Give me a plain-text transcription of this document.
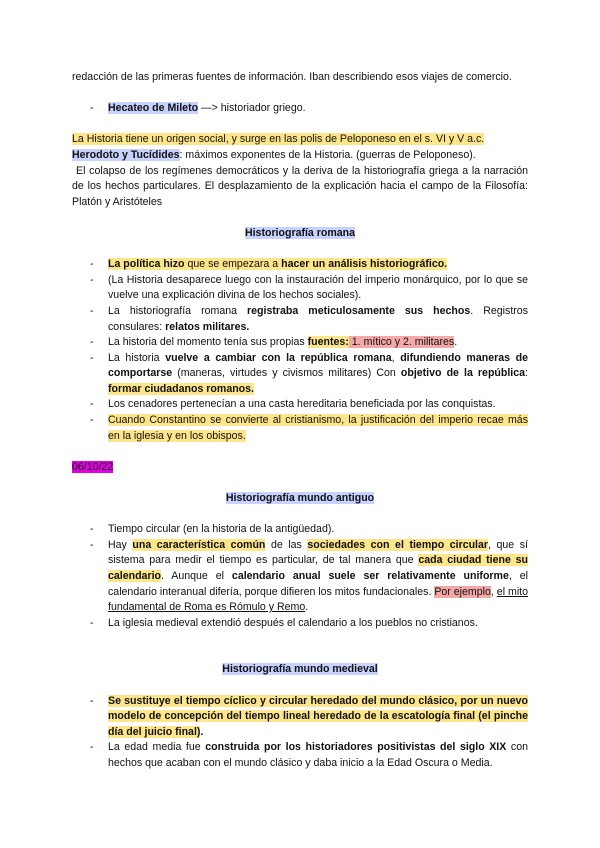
redacción de las primeras fuentes de información. Iban describiendo esos viajes de comercio.

- Hecateo de Mileto —> historiador griego.

La Historia tiene un origen social, y surge en las polis de Peloponeso en el s. VI y V a.c.

Herodoto y Tucídides: máximos exponentes de la Historia. (guerras de Peloponeso).

El colapso de los regímenes democráticos y la deriva de la historiografía griega a la narración de los hechos particulares. El desplazamiento de la explicación hacia el campo de la Filosofía: Platón y Aristóteles

Historiografía romana

- La política hizo que se empezara a hacer un análisis historiográfico.
- (La Historia desaparece luego con la instauración del imperio monárquico, por lo que se vuelve una explicación divina de los hechos sociales).
- La historiografía romana registraba meticulosamente sus hechos. Registros consulares: relatos militares.
- La historia del momento tenía sus propias fuentes: 1. mítico y 2. militares.
- La historia vuelve a cambiar con la república romana, difundiendo maneras de comportarse (maneras, virtudes y civismos militares) Con objetivo de la república: formar ciudadanos romanos.
- Los cenadores pertenecían a una casta hereditaria beneficiada por las conquistas.
- Cuando Constantino se convierte al cristianismo, la justificación del imperio recae más en la iglesia y en los obispos.

06/10/22

Historiografía mundo antiguo

- Tiempo circular (en la historia de la antigüedad).
- Hay una característica común de las sociedades con el tiempo circular, que sí sistema para medir el tiempo es particular, de tal manera que cada ciudad tiene su calendario. Aunque el calendario anual suele ser relativamente uniforme, el calendario interanual difería, porque difieren los mitos fundacionales. Por ejemplo, el mito fundamental de Roma es Rómulo y Remo.
- La iglesia medieval extendió después el calendario a los pueblos no cristianos.

Historiografía mundo medieval

- Se sustituye el tiempo cíclico y circular heredado del mundo clásico, por un nuevo modelo de concepción del tiempo lineal heredado de la escatología final (el pinche día del juicio final).
- La edad media fue construida por los historiadores positivistas del siglo XIX con hechos que acaban con el mundo clásico y daba inicio a la Edad Oscura o Media.
